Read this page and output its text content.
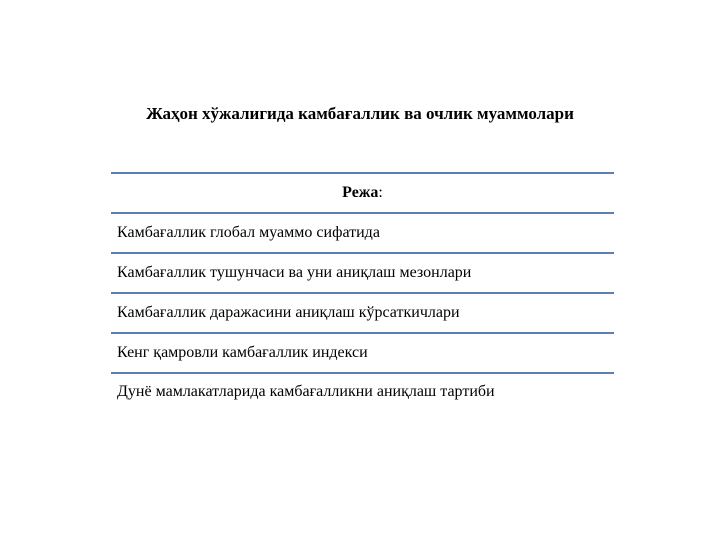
Жаҳон хўжалигида камбағаллик ва очлик муаммолари
Режа:
Камбағаллик глобал муаммо сифатида
Камбағаллик тушунчаси ва уни аниқлаш мезонлари
Камбағаллик даражасини аниқлаш кўрсаткичлари
Кенг қамровли камбағаллик индекси
Дунё мамлакатларида камбағалликни аниқлаш тартиби
